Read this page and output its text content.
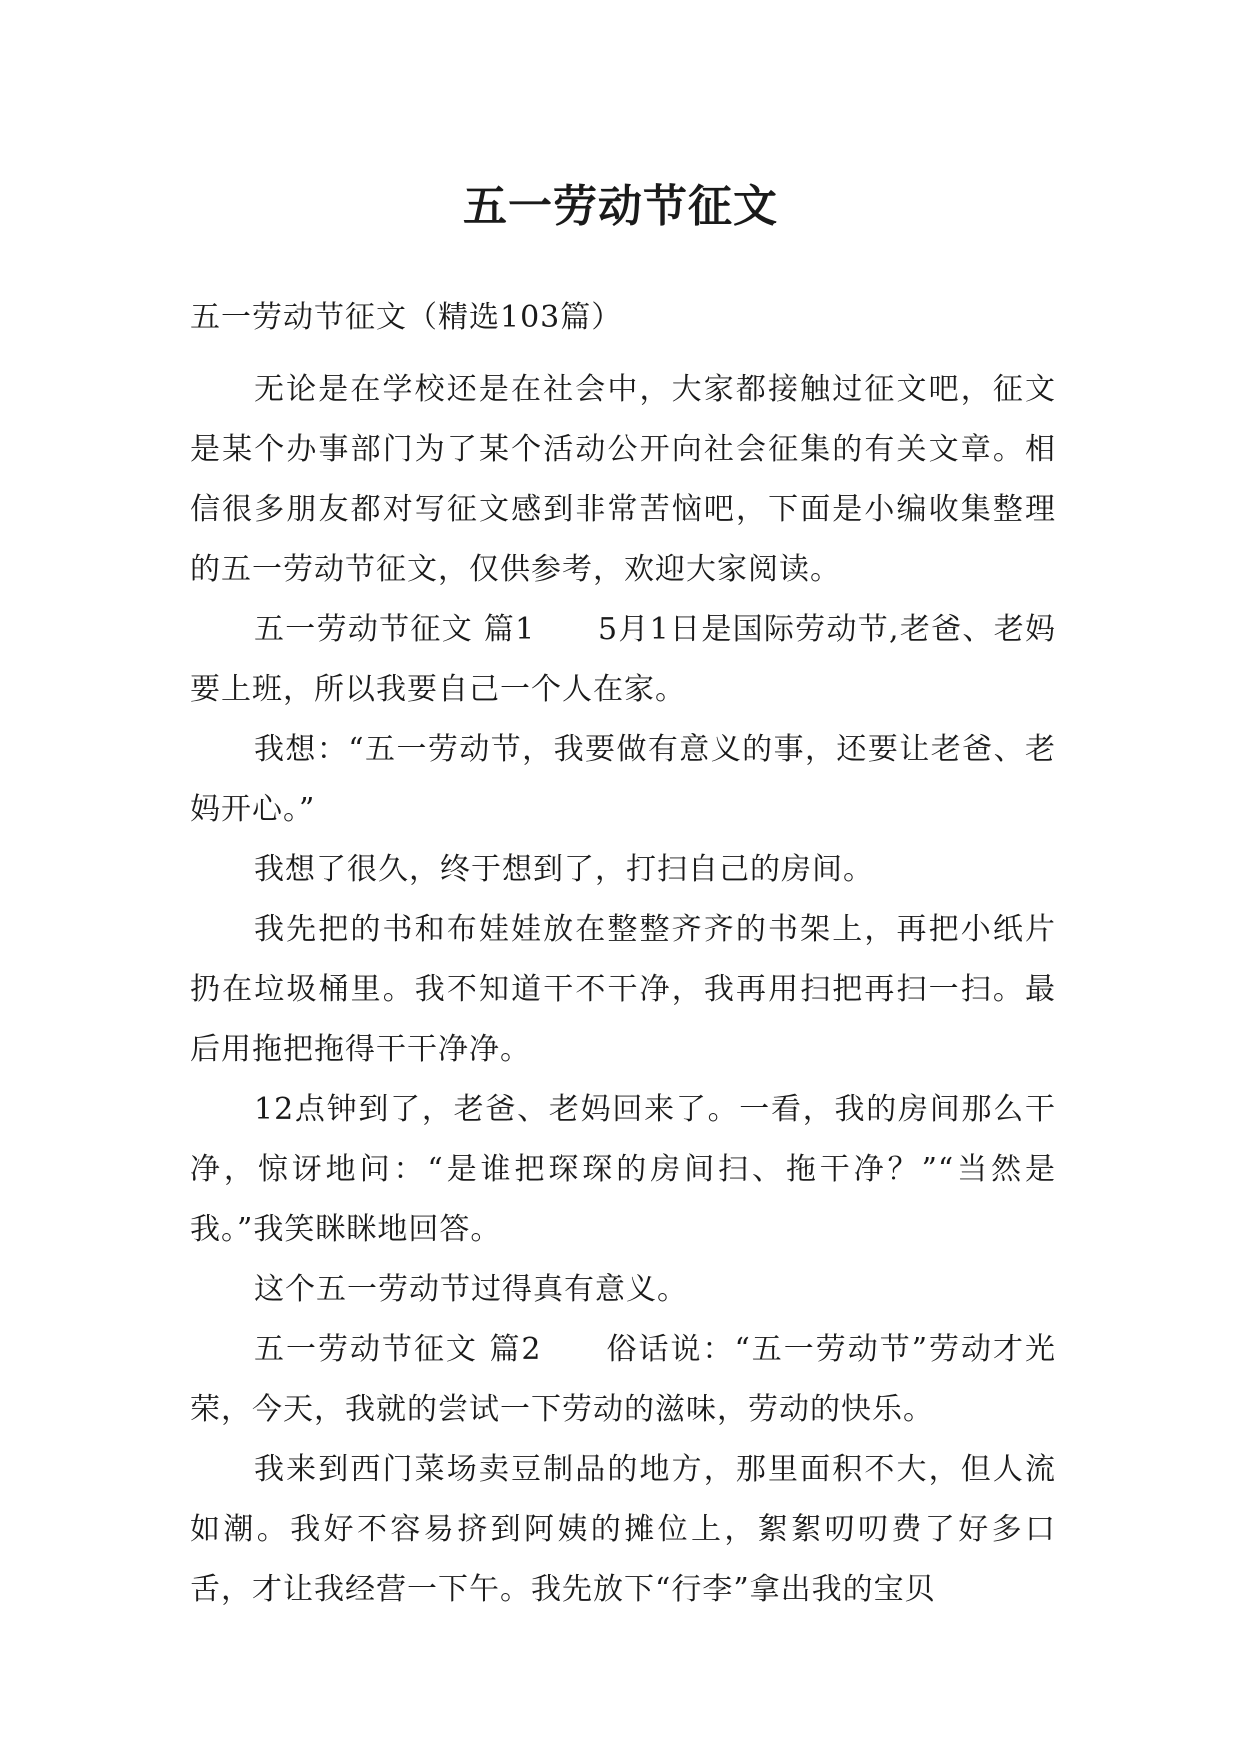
五一劳动节征文

五一劳动节征文（精选103篇）

无论是在学校还是在社会中，大家都接触过征文吧，征文是某个办事部门为了某个活动公开向社会征集的有关文章。相信很多朋友都对写征文感到非常苦恼吧，下面是小编收集整理的五一劳动节征文，仅供参考，欢迎大家阅读。

五一劳动节征文 篇1　　5月1日是国际劳动节,老爸、老妈要上班，所以我要自己一个人在家。

我想：“五一劳动节，我要做有意义的事，还要让老爸、老妈开心。”

我想了很久，终于想到了，打扫自己的房间。

我先把的书和布娃娃放在整整齐齐的书架上，再把小纸片扔在垃圾桶里。我不知道干不干净，我再用扫把再扫一扫。最后用拖把拖得干干净净。

12点钟到了，老爸、老妈回来了。一看，我的房间那么干净，惊讶地问：“是谁把琛琛的房间扫、拖干净？”“当然是我。”我笑眯眯地回答。

这个五一劳动节过得真有意义。

五一劳动节征文 篇2　　俗话说：“五一劳动节”劳动才光荣，今天，我就的尝试一下劳动的滋味，劳动的快乐。

我来到西门菜场卖豆制品的地方，那里面积不大，但人流如潮。我好不容易挤到阿姨的摊位上，絮絮叨叨费了好多口舌，才让我经营一下午。我先放下“行李”拿出我的宝贝
